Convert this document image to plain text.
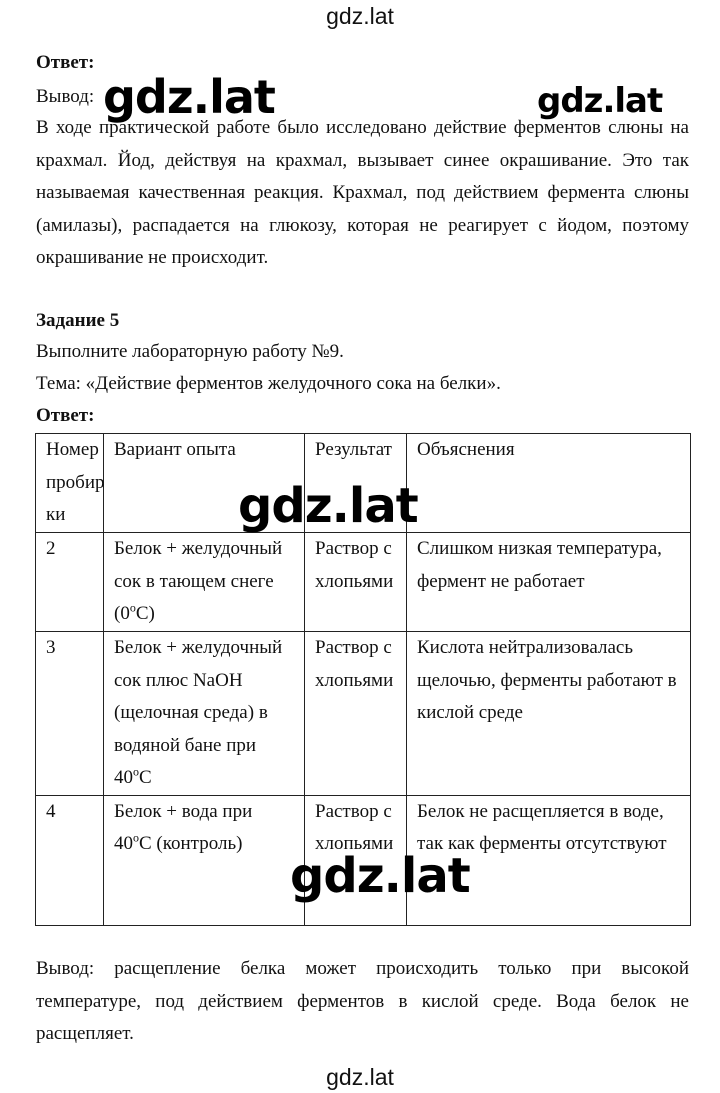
gdz.lat
gdz.lat
Ответ:
Вывод:
В ходе практической работе было исследовано действие ферментов слюны на крахмал. Йод, действуя на крахмал, вызывает синее окрашивание. Это так называемая качественная реакция. Крахмал, под действием фермента слюны (амилазы), распадается на глюкозу, которая не реагирует с йодом, поэтому окрашивание не происходит.
Задание 5
Выполните лабораторную работу №9.
Тема: «Действие ферментов желудочного сока на белки».
Ответ:
Номер пробирки	Вариант опыта	Результат	Объяснения
2	Белок + желудочный сок в тающем снеге $(0^оС)$	Раствор с хлопьями	Слишком низкая температура, фермент не работает
3	Белок + желудочный сок плюс NaOH (щелочная среда) в водяной бане при $40^оС$	Раствор с хлопьями	Кислота нейтрализовалась щелочью, ферменты работают в кислой среде
4	Белок + вода при $40^оС$ (контроль)	Раствор с хлопьями	Белок не расщепляется в воде, так как ферменты отсутствуют
Вывод: расщепление белка может происходить только при высокой температуре, под действием ферментов в кислой среде. Вода белок не расщепляет.
gdz.lat	gdz.lat
gdz.lat
gdz.lat
